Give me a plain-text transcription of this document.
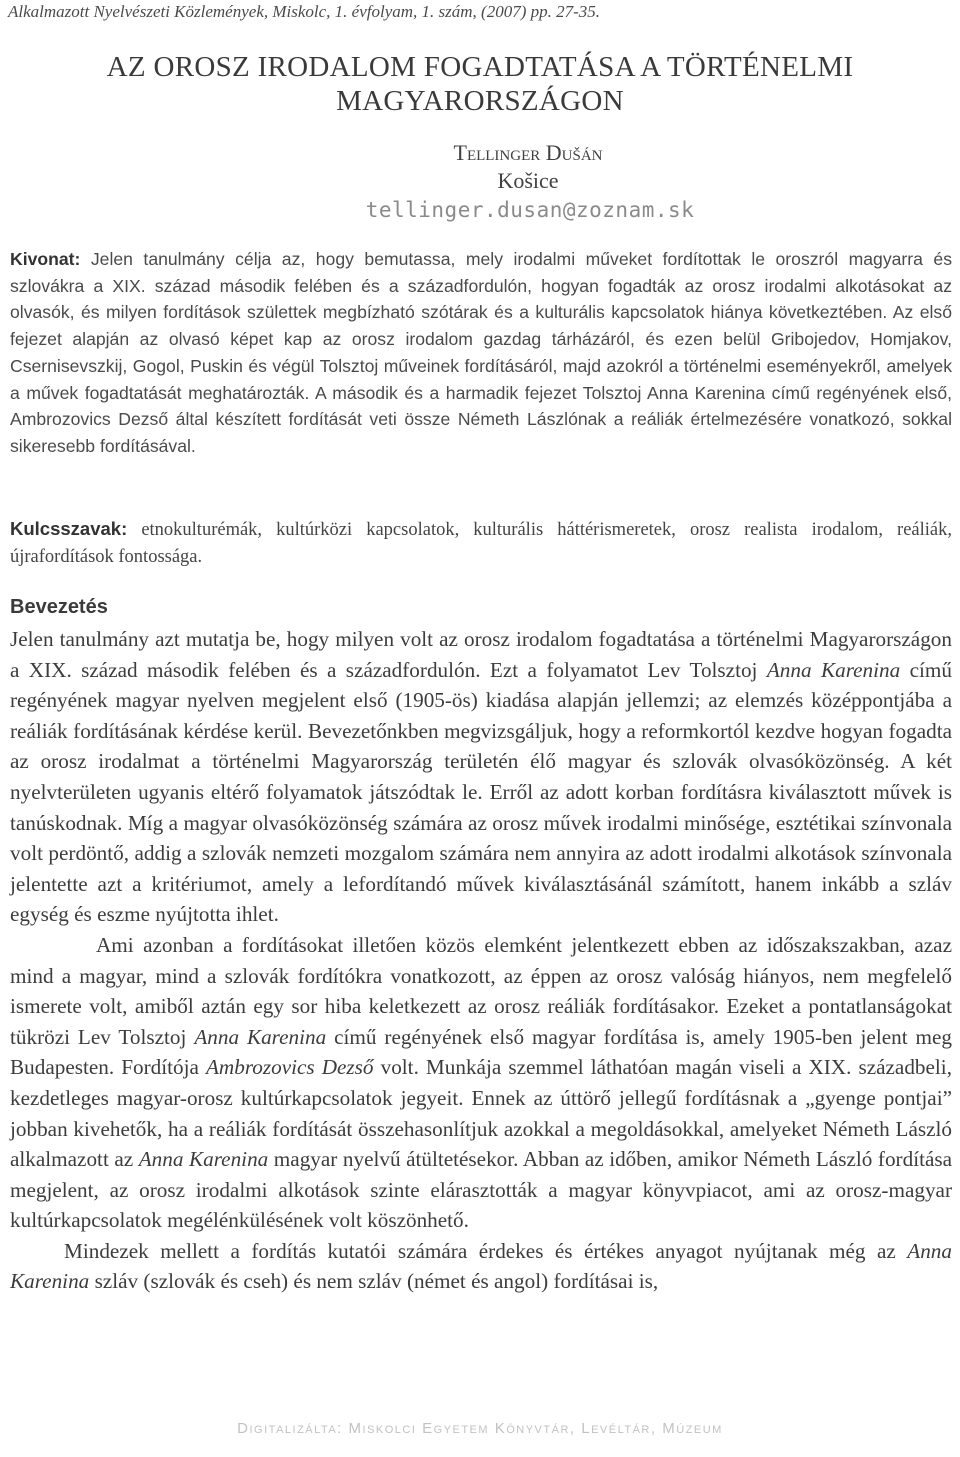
Alkalmazott Nyelvészeti Közlemények, Miskolc, 1. évfolyam, 1. szám, (2007) pp. 27-35.
AZ OROSZ IRODALOM FOGADTATÁSA A TÖRTÉNELMI
MAGYARORSZÁGON
Tellinger Dušán
Košice
tellinger.dusan@zoznam.sk

Kivonat: Jelen tanulmány célja az, hogy bemutassa, mely irodalmi műveket fordítottak le oroszról magyarra és szlovákra a XIX. század második felében és a századfordulón, hogyan fogadták az orosz irodalmi alkotásokat az olvasók, és milyen fordítások születtek megbízható szótárak és a kulturális kapcsolatok hiánya következtében. Az első fejezet alapján az olvasó képet kap az orosz irodalom gazdag tárházáról, és ezen belül Gribojedov, Homjakov, Csernisevszkij, Gogol, Puskin és végül Tolsztoj műveinek fordításáról, majd azokról a történelmi eseményekről, amelyek a művek fogadtatását meghatározták. A második és a harmadik fejezet Tolsztoj Anna Karenina című regényének első, Ambrozovics Dezső által készített fordítását veti össze Németh Lászlónak a reáliák értelmezésére vonatkozó, sokkal sikeresebb fordításával.

Kulcsszavak: etnokulturémák, kultúrközi kapcsolatok, kulturális háttérismeretek, orosz realista irodalom, reáliák, újrafordítások fontossága.

Bevezetés

Jelen tanulmány azt mutatja be, hogy milyen volt az orosz irodalom fogadtatása a történelmi Magyarországon a XIX. század második felében és a századfordulón. Ezt a folyamatot Lev Tolsztoj Anna Karenina című regényének magyar nyelven megjelent első (1905-ös) kiadása alapján jellemzi; az elemzés középpontjába a reáliák fordításának kérdése kerül. Bevezetőnkben megvizsgáljuk, hogy a reformkortól kezdve hogyan fogadta az orosz irodalmat a történelmi Magyarország területén élő magyar és szlovák olvasóközönség. A két nyelvterületen ugyanis eltérő folyamatok játszódtak le. Erről az adott korban fordításra kiválasztott művek is tanúskodnak. Míg a magyar olvasóközönség számára az orosz művek irodalmi minősége, esztétikai színvonala volt perdöntő, addig a szlovák nemzeti mozgalom számára nem annyira az adott irodalmi alkotások színvonala jelentette azt a kritériumot, amely a lefordítandó művek kiválasztásánál számított, hanem inkább a szláv egység és eszme nyújtotta ihlet.

Ami azonban a fordításokat illetően közös elemként jelentkezett ebben az időszakszakban, azaz mind a magyar, mind a szlovák fordítókra vonatkozott, az éppen az orosz valóság hiányos, nem megfelelő ismerete volt, amiből aztán egy sor hiba keletkezett az orosz reáliák fordításakor. Ezeket a pontatlanságokat tükrözi Lev Tolsztoj Anna Karenina című regényének első magyar fordítása is, amely 1905-ben jelent meg Budapesten. Fordítója Ambrozovics Dezső volt. Munkája szemmel láthatóan magán viseli a XIX. századbeli, kezdetleges magyar-orosz kultúrkapcsolatok jegyeit. Ennek az úttörő jellegű fordításnak a „gyenge pontjai” jobban kivehetők, ha a reáliák fordítását összehasonlítjuk azokkal a megoldásokkal, amelyeket Németh László alkalmazott az Anna Karenina magyar nyelvű átültetésekor. Abban az időben, amikor Németh László fordítása megjelent, az orosz irodalmi alkotások szinte elárasztották a magyar könyvpiacot, ami az orosz-magyar kultúrkapcsolatok megélénkülésének volt köszönhető.

Mindezek mellett a fordítás kutatói számára érdekes és értékes anyagot nyújtanak még az Anna Karenina szláv (szlovák és cseh) és nem szláv (német és angol) fordításai is,

Digitalizálta: Miskolci Egyetem Könyvtár, Levéltár, Múzeum
